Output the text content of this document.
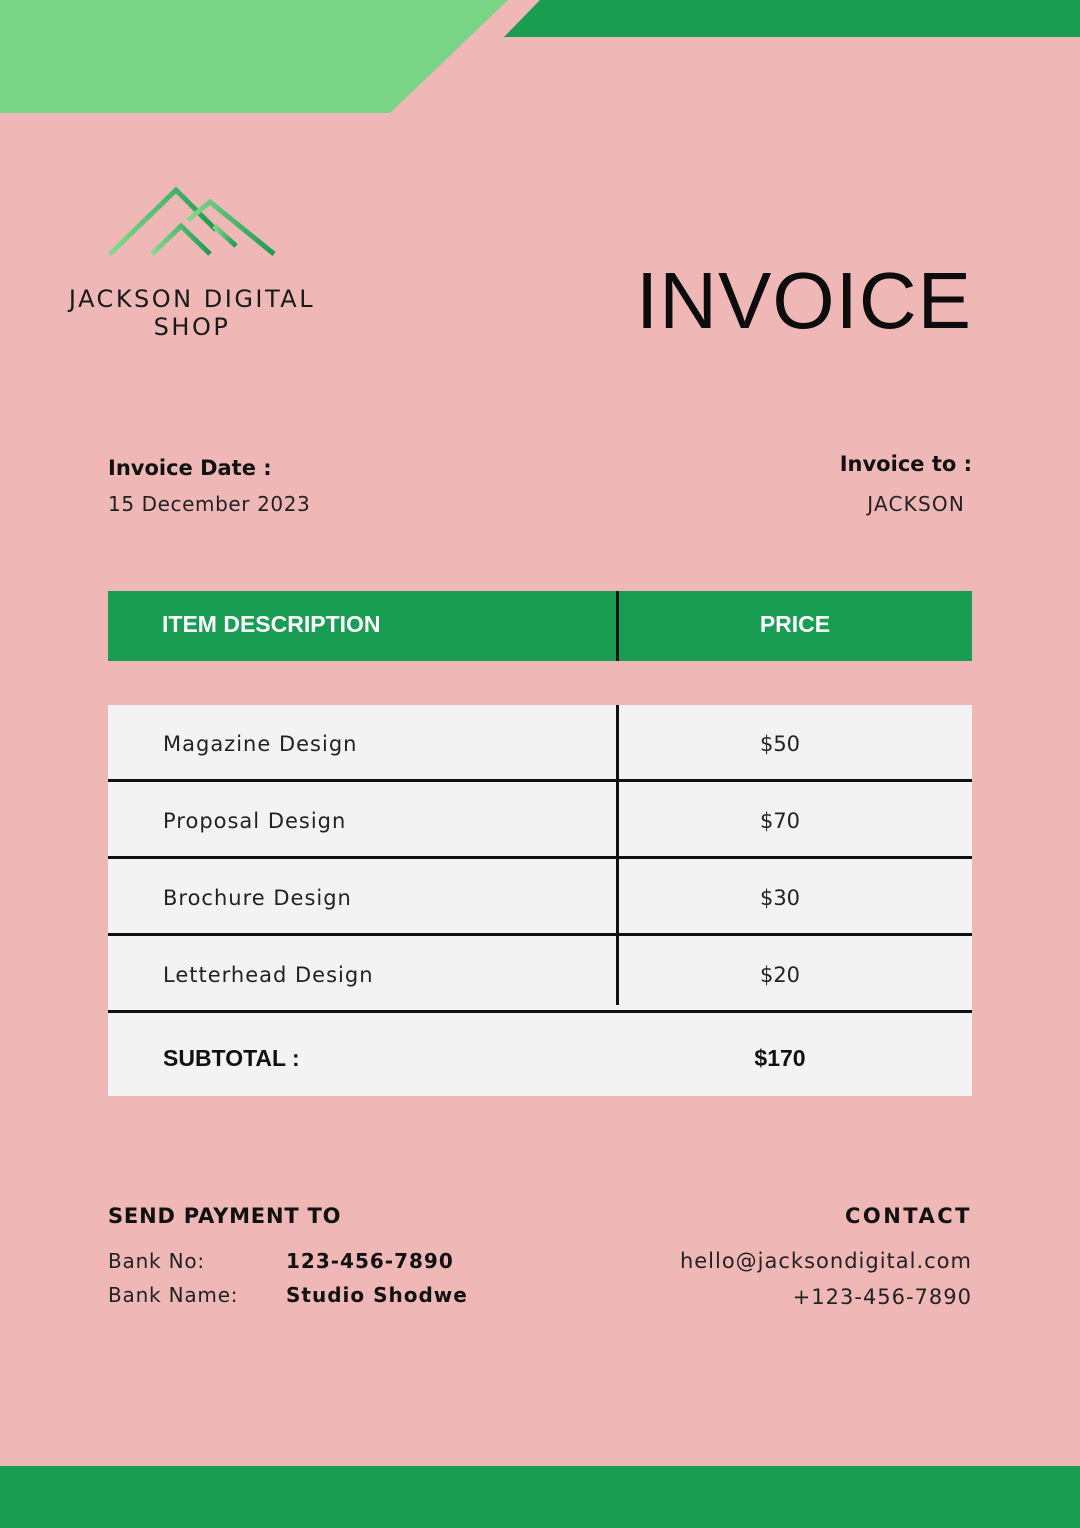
JACKSON DIGITAL
SHOP	INVOICE
Invoice Date :
15 December 2023
Invoice to :
JACKSON
ITEM DESCRIPTION	PRICE
Magazine Design	$50
Proposal Design	$70
Brochure Design	$30
Letterhead Design	$20
SUBTOTAL :	$170
SEND PAYMENT TO
Bank No:	123-456-7890
Bank Name: Studio Shodwe
CONTACT
hello@jacksondigital.com
+123-456-7890
